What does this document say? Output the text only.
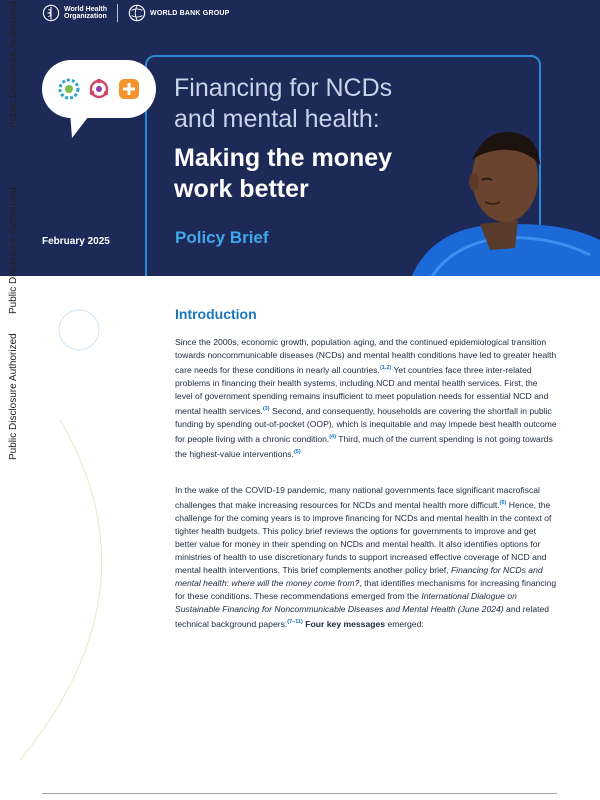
World Health
Organization	WORLD BANK GROUP
Financing for NCDs
and mental health:
Making the money
work better
February 2025	Policy Brief
Public Disclosure Authorized
Public Disclosure Authorized
Public Disclosure Authorized
Introduction

Since the 2000s, economic growth, population aging, and the continued epidemiological transition towards noncommunicable diseases (NCDs) and mental health conditions have led to greater health care needs for these conditions in nearly all countries.$^{(1,2)}$ Yet countries face three inter-related problems in financing their health systems, including NCD and mental health services. First, the level of government spending remains insufficient to meet population needs for essential NCD and mental health services.$^{(3)}$ Second, and consequently, households are covering the shortfall in public funding by spending out-of-pocket (OOP), which is inequitable and may impede best health outcome for people living with a chronic condition.$^{(4)}$ Third, much of the current spending is not going towards the highest-value interventions.$^{(5)}$

In the wake of the COVID-19 pandemic, many national governments face significant macrofiscal challenges that make increasing resources for NCDs and mental health more difficult.$^{(6)}$ Hence, the challenge for the coming years is to improve financing for NCDs and mental health in the context of tighter health budgets. This policy brief reviews the options for governments to improve and get better value for money in their spending on NCDs and mental health. It also identifies options for ministries of health to use discretionary funds to support increased effective coverage of NCD and mental health interventions. This brief complements another policy brief, Financing for NCDs and mental health: where will the money come from?, that identifies mechanisms for increasing financing for these conditions. These recommendations emerged from the International Dialogue on Sustainable Financing for Noncommunicable Diseases and Mental Health (June 2024) and related technical background papers.$^{(7-11)}$ Four key messages emerged:
